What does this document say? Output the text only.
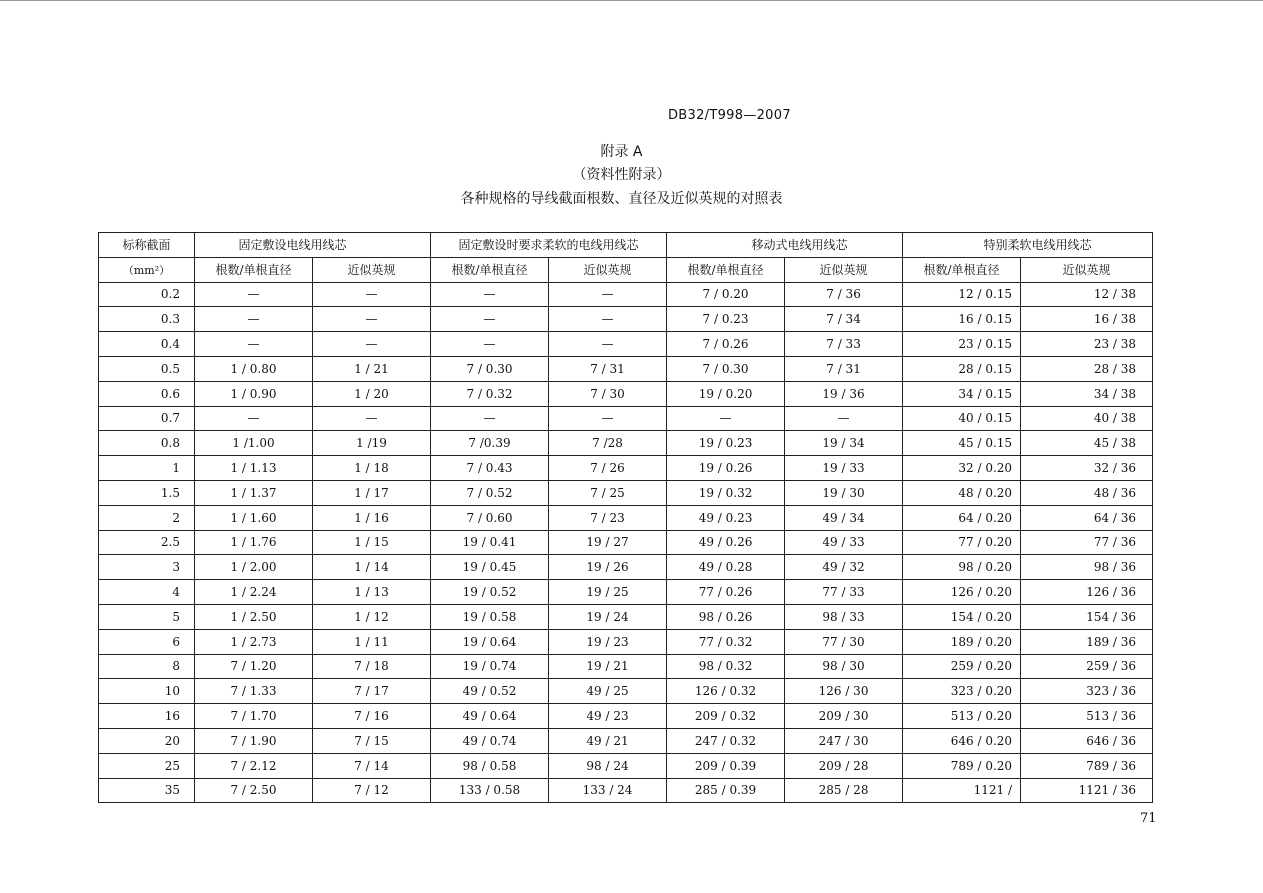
DB32/T998—2007
附录 A
（资料性附录）
各种规格的导线截面根数、直径及近似英规的对照表
标称截面	固定敷设电线用线芯		固定敷设时要求柔软的电线用线芯		移动式电线用线芯		特别柔软电线用线芯	
（mm²）	根数/单根直径	近似英规	根数/单根直径	近似英规	根数/单根直径	近似英规	根数/单根直径	近似英规
0.2	—	—	—	—	7 / 0.20	7 / 36	12 / 0.15	12 / 38
0.3	—	—	—	—	7 / 0.23	7 / 34	16 / 0.15	16 / 38
0.4	—	—	—	—	7 / 0.26	7 / 33	23 / 0.15	23 / 38
0.5	1 / 0.80	1 / 21	7 / 0.30	7 / 31	7 / 0.30	7 / 31	28 / 0.15	28 / 38
0.6	1 / 0.90	1 / 20	7 / 0.32	7 / 30	19 / 0.20	19 / 36	34 / 0.15	34 / 38
0.7	—	—	—	—	—	—	40 / 0.15	40 / 38
0.8	1 /1.00	1 /19	7 /0.39	7 /28	19 / 0.23	19 / 34	45 / 0.15	45 / 38
1	1 / 1.13	1 / 18	7 / 0.43	7 / 26	19 / 0.26	19 / 33	32 / 0.20	32 / 36
1.5	1 / 1.37	1 / 17	7 / 0.52	7 / 25	19 / 0.32	19 / 30	48 / 0.20	48 / 36
2	1 / 1.60	1 / 16	7 / 0.60	7 / 23	49 / 0.23	49 / 34	64 / 0.20	64 / 36
2.5	1 / 1.76	1 / 15	19 / 0.41	19 / 27	49 / 0.26	49 / 33	77 / 0.20	77 / 36
3	1 / 2.00	1 / 14	19 / 0.45	19 / 26	49 / 0.28	49 / 32	98 / 0.20	98 / 36
4	1 / 2.24	1 / 13	19 / 0.52	19 / 25	77 / 0.26	77 / 33	126 / 0.20	126 / 36
5	1 / 2.50	1 / 12	19 / 0.58	19 / 24	98 / 0.26	98 / 33	154 / 0.20	154 / 36
6	1 / 2.73	1 / 11	19 / 0.64	19 / 23	77 / 0.32	77 / 30	189 / 0.20	189 / 36
8	7 / 1.20	7 / 18	19 / 0.74	19 / 21	98 / 0.32	98 / 30	259 / 0.20	259 / 36
10	7 / 1.33	7 / 17	49 / 0.52	49 / 25	126 / 0.32	126 / 30	323 / 0.20	323 / 36
16	7 / 1.70	7 / 16	49 / 0.64	49 / 23	209 / 0.32	209 / 30	513 / 0.20	513 / 36
20	7 / 1.90	7 / 15	49 / 0.74	49 / 21	247 / 0.32	247 / 30	646 / 0.20	646 / 36
25	7 / 2.12	7 / 14	98 / 0.58	98 / 24	209 / 0.39	209 / 28	789 / 0.20	789 / 36
35	7 / 2.50	7 / 12	133 / 0.58	133 / 24	285 / 0.39	285 / 28	1121 /	1121 / 36
71
